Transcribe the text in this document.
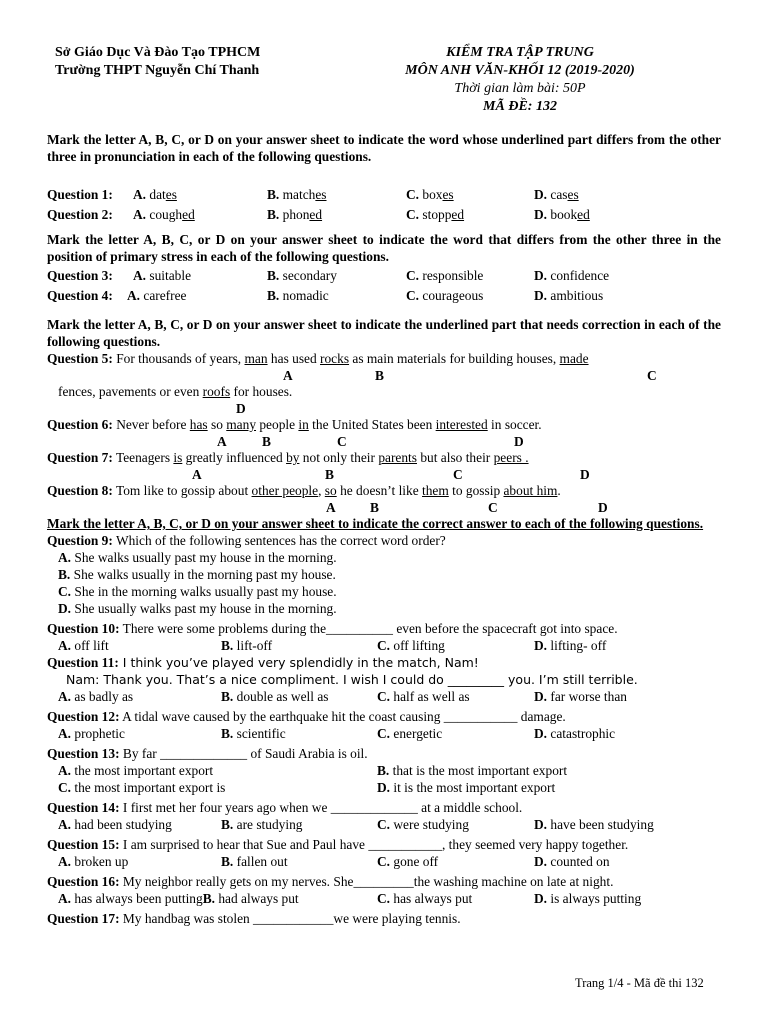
Sở Giáo Dục Và Đào Tạo TPHCM
Trường THPT Nguyễn Chí Thanh
KIỂM TRA TẬP TRUNG
MÔN ANH VĂN-KHỐI 12 (2019-2020)
Thời gian làm bài: 50P
MÃ ĐỀ: 132

Mark the letter A, B, C, or D on your answer sheet to indicate the word whose underlined part differs from the other three in pronunciation in each of the following questions.

Question 1: A. dates	B. matches	C. boxes	D. cases
Question 2: A. coughed	B. phoned	C. stopped	D. booked

Mark the letter A, B, C, or D on your answer sheet to indicate the word that differs from the other three in the position of primary stress in each of the following questions.

Question 3: A. suitable	B. secondary	C. responsible	D. confidence
Question 4: A. carefree	B. nomadic	C. courageous	D. ambitious

Mark the letter A, B, C, or D on your answer sheet to indicate the underlined part that needs correction in each of the following questions.

Question 5: For thousands of years, man has used rocks as main materials for building houses, made
A	B	C
fences, pavements or even roofs for houses.
D
Question 6: Never before has so many people in the United States been interested in soccer.
A	B	C	D
Question 7: Teenagers is greatly influenced by not only their parents but also their peers .
A	B	C	D
Question 8: Tom like to gossip about other people, so he doesn’t like them to gossip about him.
A	B	C	D

Mark the letter A, B, C, or D on your answer sheet to indicate the correct answer to each of the following questions.

Question 9: Which of the following sentences has the correct word order?
A. She walks usually past my house in the morning.
B. She walks usually in the morning past my house.
C. She in the morning walks usually past my house.
D. She usually walks past my house in the morning.
Question 10: There were some problems during the__________ even before the spacecraft got into space.
A. off lift	B. lift-off	C. off lifting	D. lifting- off
Question 11: I think you’ve played very splendidly in the match, Nam!
Nam: Thank you. That’s a nice compliment. I wish I could do _________ you. I’m still terrible.
A. as badly as	B. double as well as	C. half as well as	D. far worse than
Question 12: A tidal wave caused by the earthquake hit the coast causing ___________ damage.
A. prophetic	B. scientific	C. energetic	D. catastrophic
Question 13: By far _____________ of Saudi Arabia is oil.
A. the most important export	B. that is the most important export
C. the most important export is	D. it is the most important export
Question 14: I first met her four years ago when we _____________ at a middle school.
A. had been studying	B. are studying	C. were studying	D. have been studying
Question 15: I am surprised to hear that Sue and Paul have ___________, they seemed very happy together.
A. broken up	B. fallen out	C. gone off	D. counted on
Question 16: My neighbor really gets on my nerves. She_________the washing machine on late at night.
A. has always been puttingB. had always put	C. has always put	D. is always putting
Question 17: My handbag was stolen ____________we were playing tennis.
Trang 1/4 - Mã đề thi 132
